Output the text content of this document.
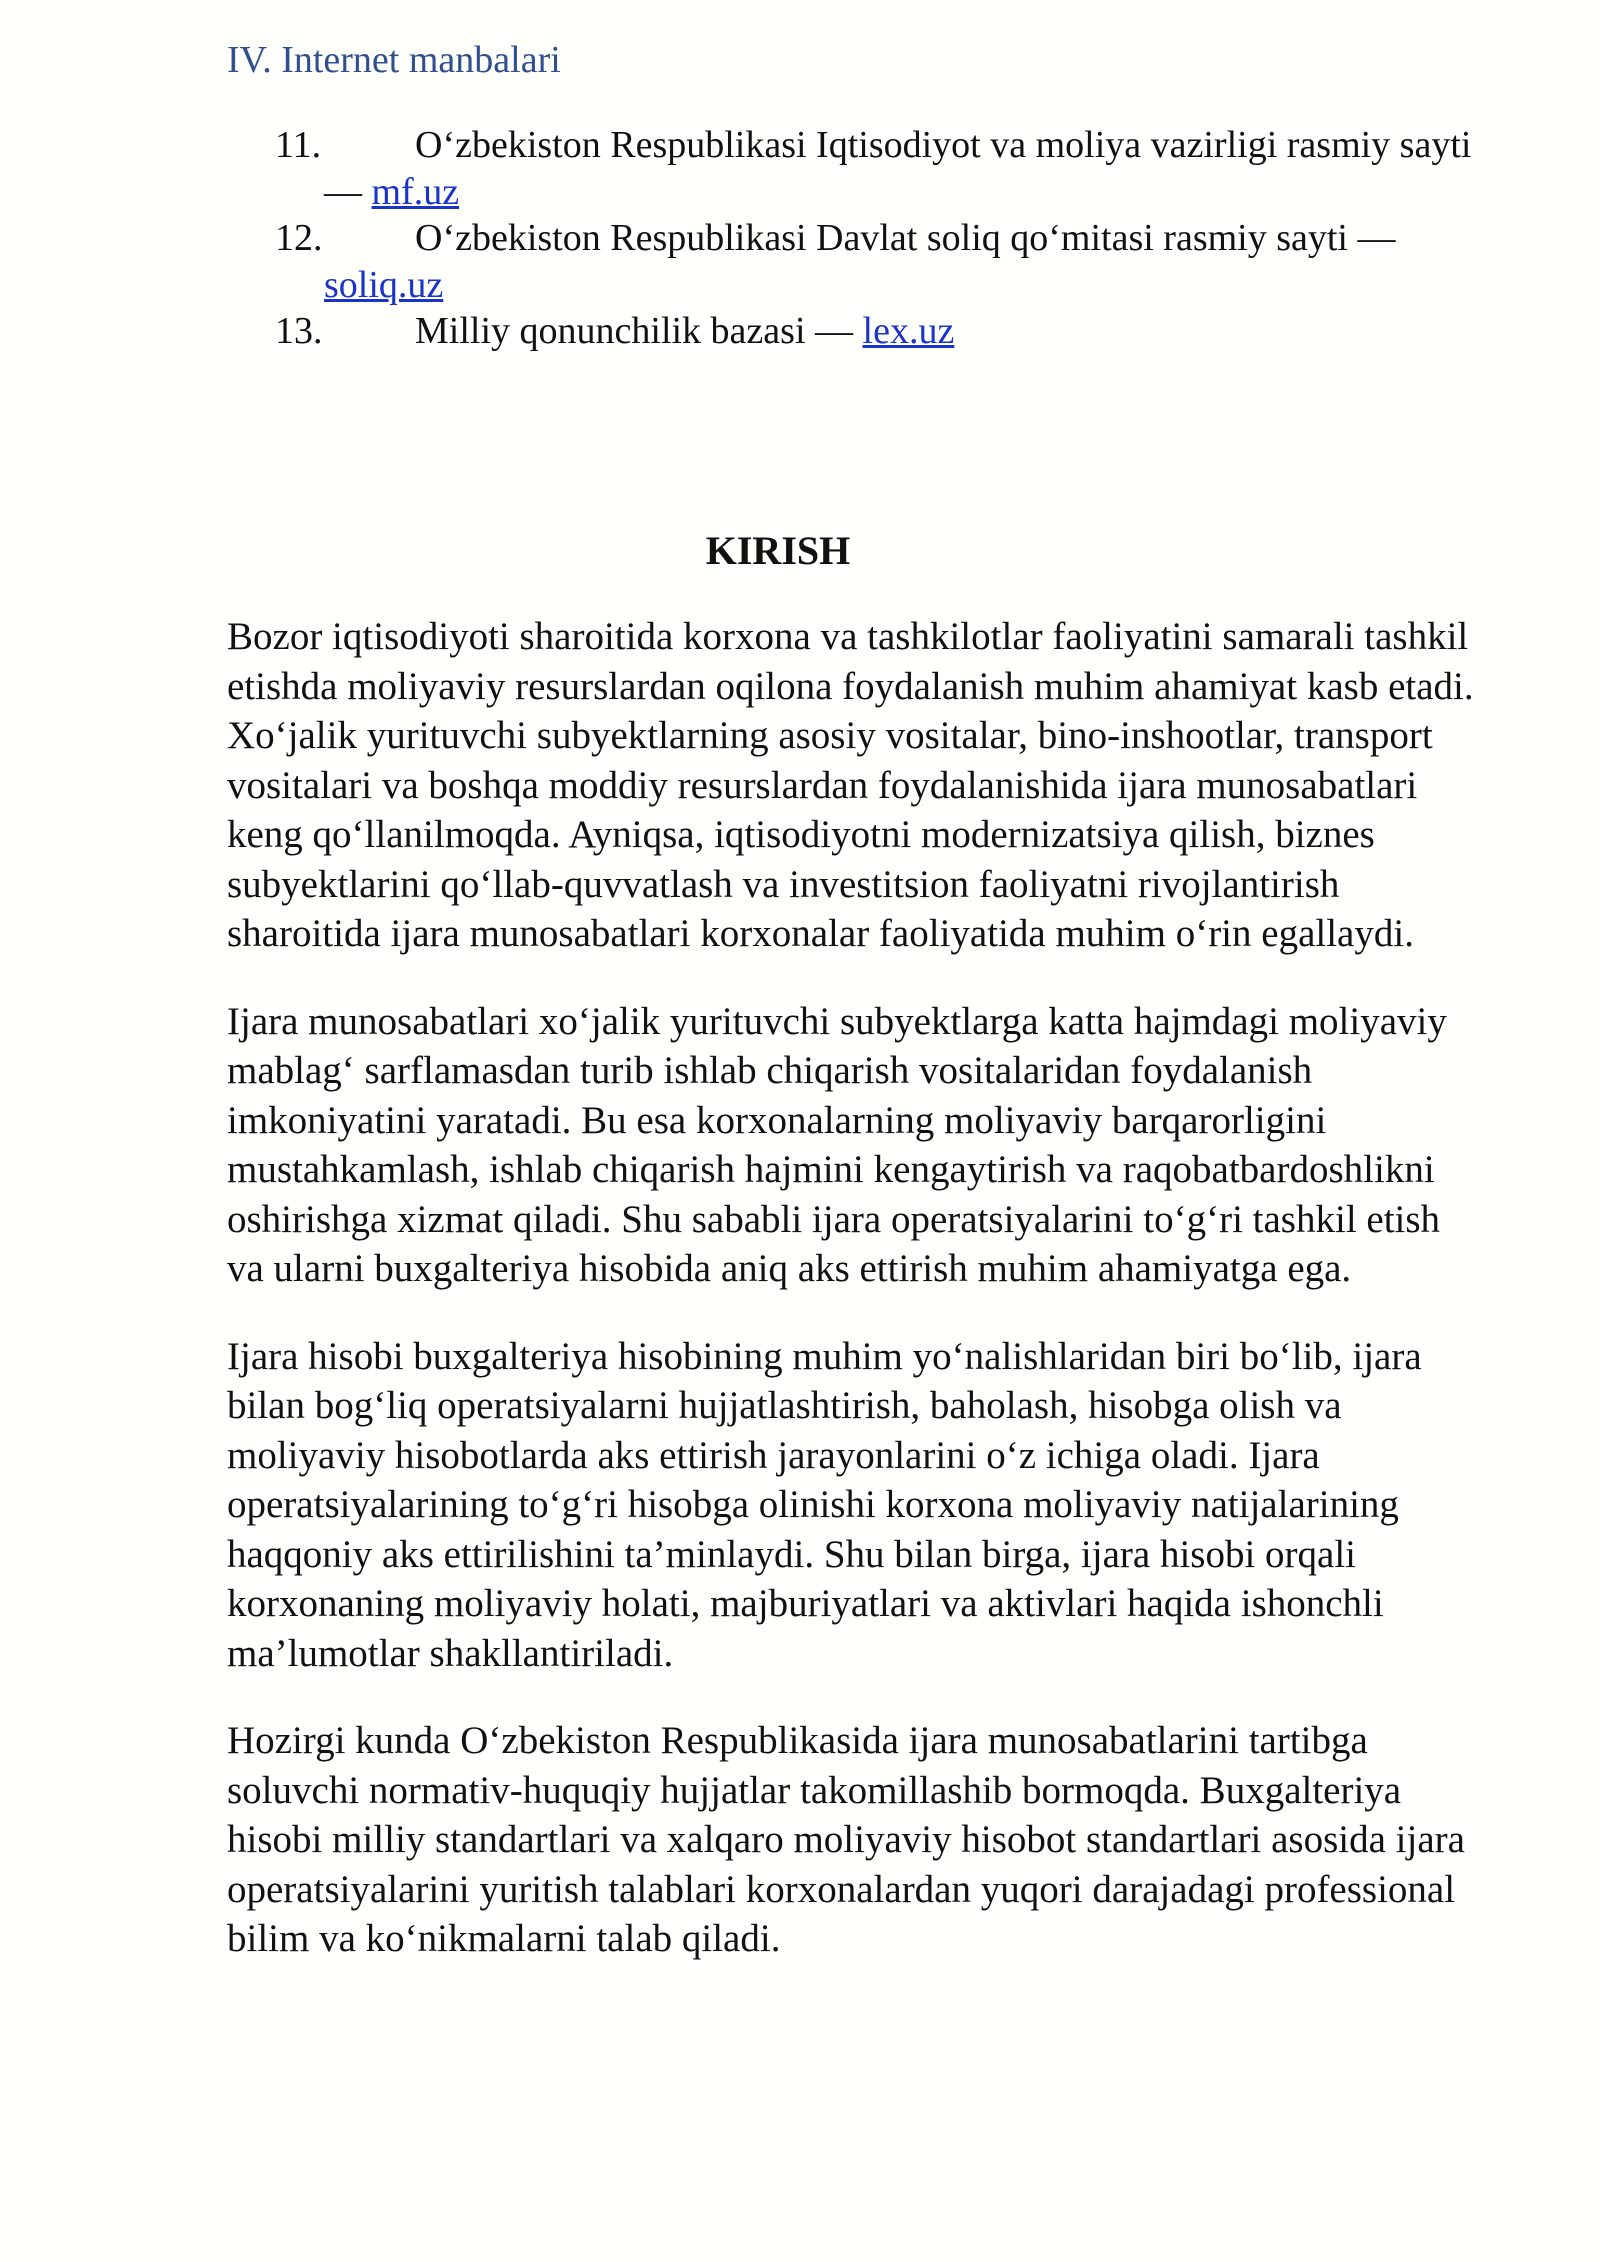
IV. Internet manbalari
11. O‘zbekiston Respublikasi Iqtisodiyot va moliya vazirligi rasmiy sayti — mf.uz
12. O‘zbekiston Respublikasi Davlat soliq qo‘mitasi rasmiy sayti — soliq.uz
13. Milliy qonunchilik bazasi — lex.uz
KIRISH

Bozor iqtisodiyoti sharoitida korxona va tashkilotlar faoliyatini samarali tashkil etishda moliyaviy resurslardan oqilona foydalanish muhim ahamiyat kasb etadi. Xo‘jalik yurituvchi subyektlarning asosiy vositalar, bino-inshootlar, transport vositalari va boshqa moddiy resurslardan foydalanishida ijara munosabatlari keng qo‘llanilmoqda. Ayniqsa, iqtisodiyotni modernizatsiya qilish, biznes subyektlarini qo‘llab-quvvatlash va investitsion faoliyatni rivojlantirish sharoitida ijara munosabatlari korxonalar faoliyatida muhim o‘rin egallaydi.

Ijara munosabatlari xo‘jalik yurituvchi subyektlarga katta hajmdagi moliyaviy mablag‘ sarflamasdan turib ishlab chiqarish vositalaridan foydalanish imkoniyatini yaratadi. Bu esa korxonalarning moliyaviy barqarorligini mustahkamlash, ishlab chiqarish hajmini kengaytirish va raqobatbardoshlikni oshirishga xizmat qiladi. Shu sababli ijara operatsiyalarini to‘g‘ri tashkil etish va ularni buxgalteriya hisobida aniq aks ettirish muhim ahamiyatga ega.

Ijara hisobi buxgalteriya hisobining muhim yo‘nalishlaridan biri bo‘lib, ijara bilan bog‘liq operatsiyalarni hujjatlashtirish, baholash, hisobga olish va moliyaviy hisobotlarda aks ettirish jarayonlarini o‘z ichiga oladi. Ijara operatsiyalarining to‘g‘ri hisobga olinishi korxona moliyaviy natijalarining haqqoniy aks ettirilishini ta’minlaydi. Shu bilan birga, ijara hisobi orqali korxonaning moliyaviy holati, majburiyatlari va aktivlari haqida ishonchli ma’lumotlar shakllantiriladi.

Hozirgi kunda O‘zbekiston Respublikasida ijara munosabatlarini tartibga soluvchi normativ-huquqiy hujjatlar takomillashib bormoqda. Buxgalteriya hisobi milliy standartlari va xalqaro moliyaviy hisobot standartlari asosida ijara operatsiyalarini yuritish talablari korxonalardan yuqori darajadagi professional bilim va ko‘nikmalarni talab qiladi.
